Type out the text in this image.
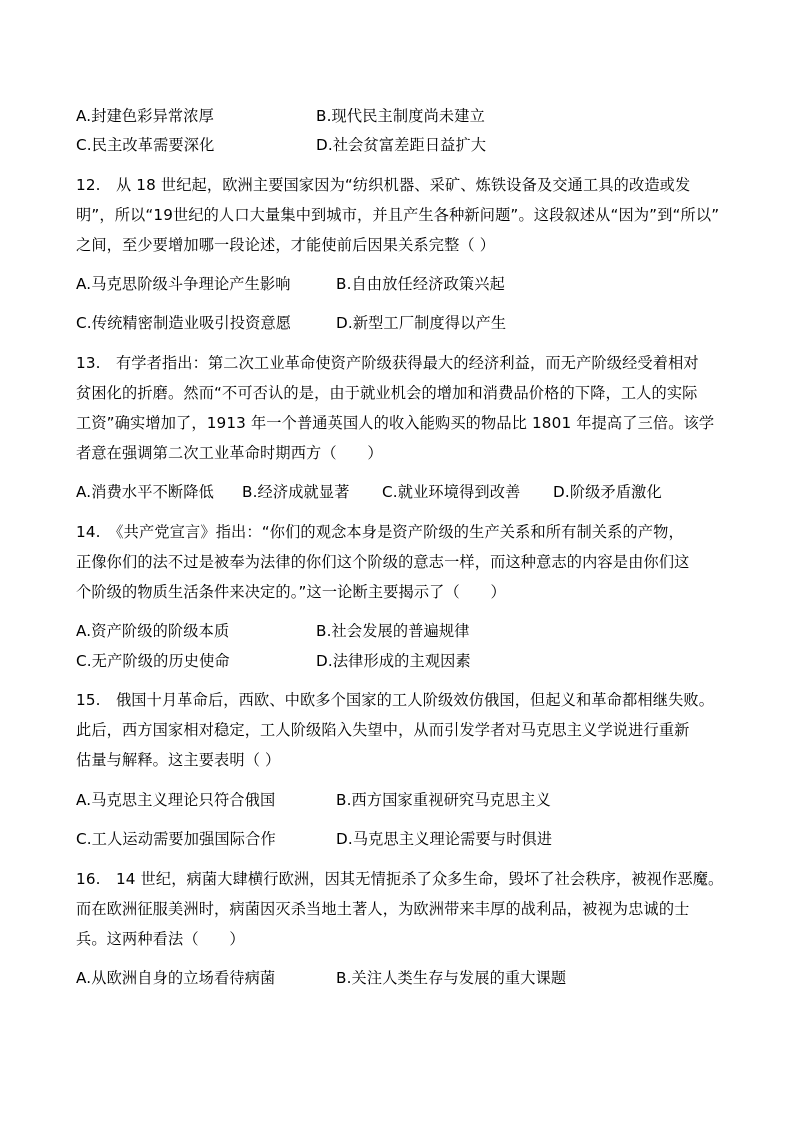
A.封建色彩异常浓厚	B.现代民主制度尚未建立
C.民主改革需要深化	D.社会贫富差距日益扩大
12.　从 18 世纪起，欧洲主要国家因为“纺织机器、采矿、炼铁设备及交通工具的改造或发
明”，所以“19世纪的人口大量集中到城市，并且产生各种新问题”。这段叙述从“因为”到“所以”
之间，至少要增加哪一段论述，才能使前后因果关系完整（ ）
A.马克思阶级斗争理论产生影响	B.自由放任经济政策兴起
C.传统精密制造业吸引投资意愿	D.新型工厂制度得以产生
13.　有学者指出：第二次工业革命使资产阶级获得最大的经济利益，而无产阶级经受着相对
贫困化的折磨。然而“不可否认的是，由于就业机会的增加和消费品价格的下降，工人的实际
工资”确实增加了，1913 年一个普通英国人的收入能购买的物品比 1801 年提高了三倍。该学
者意在强调第二次工业革命时期西方（　　）
A.消费水平不断降低 B.经济成就显著 C.就业环境得到改善 D.阶级矛盾激化
14.　《共产党宣言》指出：“你们的观念本身是资产阶级的生产关系和所有制关系的产物，
正像你们的法不过是被奉为法律的你们这个阶级的意志一样，而这种意志的内容是由你们这
个阶级的物质生活条件来决定的。”这一论断主要揭示了（　　）
A.资产阶级的阶级本质	B.社会发展的普遍规律
C.无产阶级的历史使命	D.法律形成的主观因素
15.　俄国十月革命后，西欧、中欧多个国家的工人阶级效仿俄国，但起义和革命都相继失败。
此后，西方国家相对稳定，工人阶级陷入失望中，从而引发学者对马克思主义学说进行重新
估量与解释。这主要表明（ ）
A.马克思主义理论只符合俄国	B.西方国家重视研究马克思主义
C.工人运动需要加强国际合作	D.马克思主义理论需要与时俱进
16.　14 世纪，病菌大肆横行欧洲，因其无情扼杀了众多生命，毁坏了社会秩序，被视作恶魔。
而在欧洲征服美洲时，病菌因灭杀当地土著人，为欧洲带来丰厚的战利品，被视为忠诚的士
兵。这两种看法（　　）
A.从欧洲自身的立场看待病菌	B.关注人类生存与发展的重大课题
